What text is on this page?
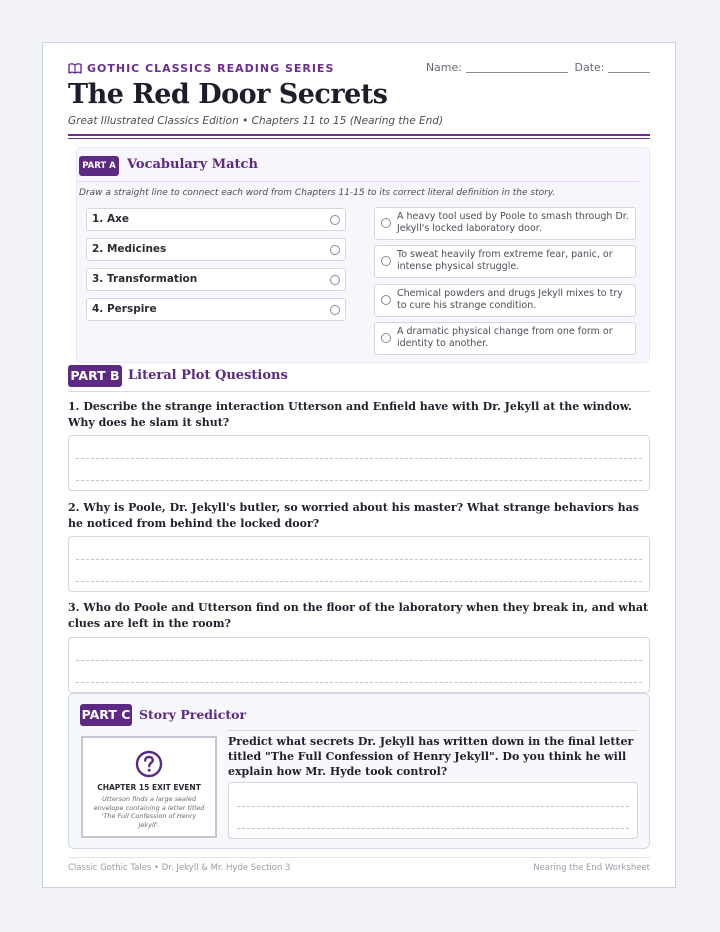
GOTHIC CLASSICS READING SERIES	Name:	Date:
The Red Door Secrets
Great Illustrated Classics Edition • Chapters 11 to 15 (Nearing the End)
PART A Vocabulary Match
Draw a straight line to connect each word from Chapters 11-15 to its correct literal definition in the story.
1. Axe
2. Medicines
3. Transformation
4. Perspire
A heavy tool used by Poole to smash through Dr. Jekyll's locked laboratory door.
To sweat heavily from extreme fear, panic, or intense physical struggle.
Chemical powders and drugs Jekyll mixes to try to cure his strange condition.
A dramatic physical change from one form or identity to another.
PART B Literal Plot Questions
1. Describe the strange interaction Utterson and Enfield have with Dr. Jekyll at the window. Why does he slam it shut?
2. Why is Poole, Dr. Jekyll's butler, so worried about his master? What strange behaviors has he noticed from behind the locked door?
3. Who do Poole and Utterson find on the floor of the laboratory when they break in, and what clues are left in the room?
PART C Story Predictor
CHAPTER 15 EXIT EVENT
Utterson finds a large sealed envelope containing a letter titled 'The Full Confession of Henry Jekyll'.
Predict what secrets Dr. Jekyll has written down in the final letter titled "The Full Confession of Henry Jekyll". Do you think he will explain how Mr. Hyde took control?
Classic Gothic Tales • Dr. Jekyll & Mr. Hyde Section 3	Nearing the End Worksheet
